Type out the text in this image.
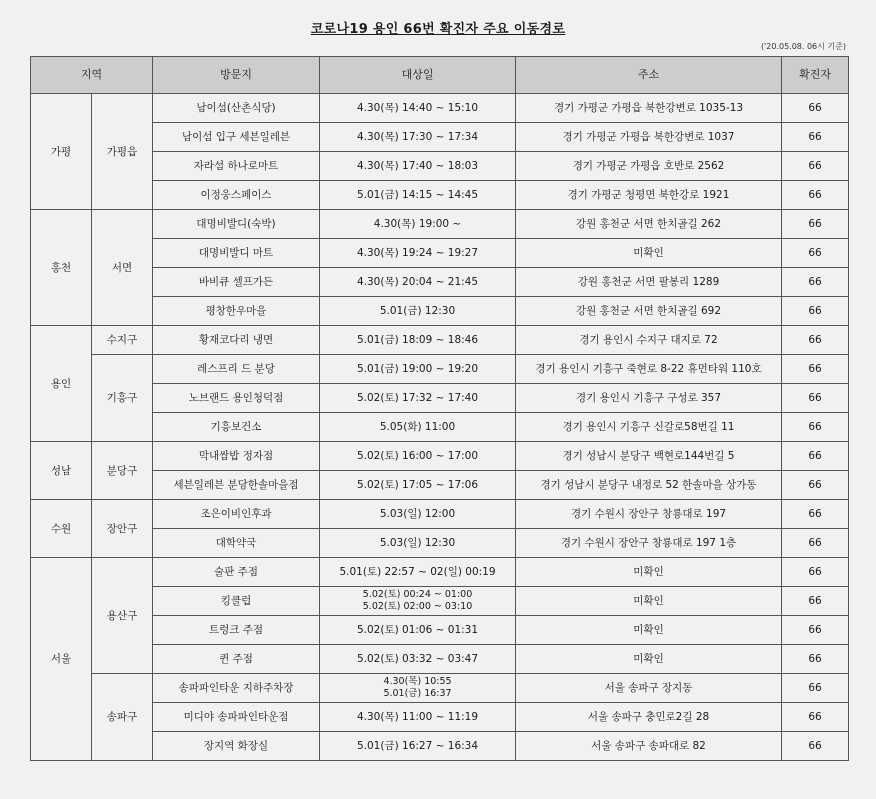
코로나19 용인 66번 확진자 주요 이동경로
('20.05.08. 06시 기준)
지역		방문지	대상일	주소	확진자
가평	가평읍	남이섬(산촌식당)	4.30(목) 14:40 ~ 15:10	경기 가평군 가평읍 북한강변로 1035-13	66
		남이섬 입구 세븐일레븐	4.30(목) 17:30 ~ 17:34	경기 가평군 가평읍 북한강변로 1037	66
		자라섬 하나로마트	4.30(목) 17:40 ~ 18:03	경기 가평군 가평읍 호반로 2562	66
		이정웅스페이스	5.01(금) 14:15 ~ 14:45	경기 가평군 청평면 북한강로 1921	66
홍천	서면	대명비발디(숙박)	4.30(목) 19:00 ~	강원 홍천군 서면 한치골길 262	66
		대명비발디 마트	4.30(목) 19:24 ~ 19:27	미확인	66
		바비큐 셀프가든	4.30(목) 20:04 ~ 21:45	강원 홍천군 서면 팔봉리 1289	66
		평창한우마을	5.01(금) 12:30	강원 홍천군 서면 한치골길 692	66
용인	수지구	황재코다리 냉면	5.01(금) 18:09 ~ 18:46	경기 용인시 수지구 대지로 72	66
	기흥구	레스프리 드 분당	5.01(금) 19:00 ~ 19:20	경기 용인시 기흥구 죽현로 8-22 휴먼타워 110호	66
		노브랜드 용인청덕점	5.02(토) 17:32 ~ 17:40	경기 용인시 기흥구 구성로 357	66
		기흥보건소	5.05(화) 11:00	경기 용인시 기흥구 신갈로58번길 11	66
성남	분당구	막내쌈밥 정자점	5.02(토) 16:00 ~ 17:00	경기 성남시 분당구 백현로144번길 5	66
		세븐일레븐 분당한솔마을점	5.02(토) 17:05 ~ 17:06	경기 성남시 분당구 내정로 52 한솔마을 상가동	66
수원	장안구	조은이비인후과	5.03(일) 12:00	경기 수원시 장안구 창룡대로 197	66
		대학약국	5.03(일) 12:30	경기 수원시 장안구 창룡대로 197 1층	66
서울	용산구	술판 주점	5.01(토) 22:57 ~ 02(일) 00:19	미확인	66
		킹클럽	5.02(토) 00:24 ~ 01:00
5.02(토) 02:00 ~ 03:10	미확인	66
		트렁크 주점	5.02(토) 01:06 ~ 01:31	미확인	66
		퀸 주점	5.02(토) 03:32 ~ 03:47	미확인	66
	송파구	송파파인타운 지하주차장	4.30(목) 10:55
5.01(금) 16:37	서울 송파구 장지동	66
		미디야 송파파인타운점	4.30(목) 11:00 ~ 11:19	서울 송파구 충민로2길 28	66
		장지역 화장실	5.01(금) 16:27 ~ 16:34	서울 송파구 송파대로 82	66
